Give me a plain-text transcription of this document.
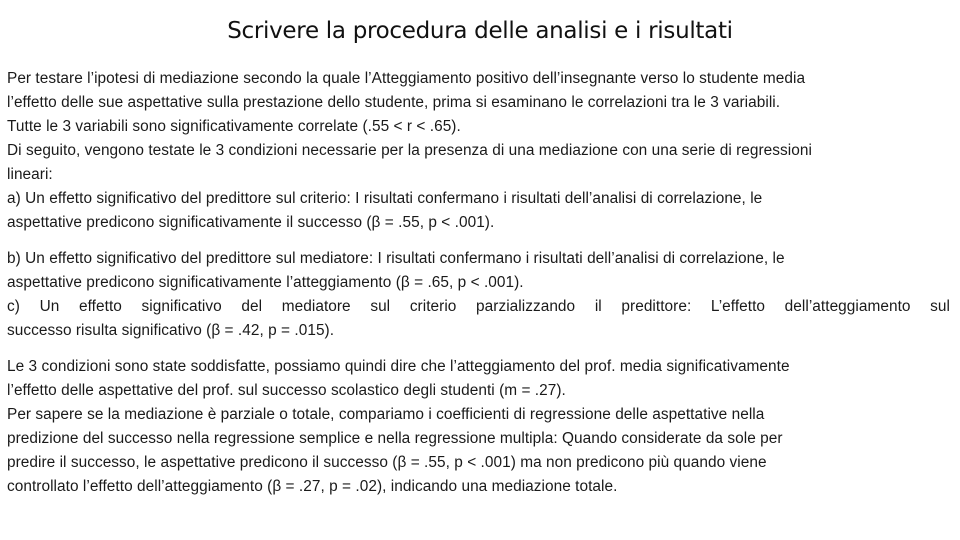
Scrivere la procedura delle analisi e i risultati
Per testare l’ipotesi di mediazione secondo la quale l’Atteggiamento positivo dell’insegnante verso lo studente media
l’effetto delle sue aspettative sulla prestazione dello studente, prima si esaminano le correlazioni tra le 3 variabili.
Tutte le 3 variabili sono significativamente correlate (.55 < r < .65).
Di seguito, vengono testate le 3 condizioni necessarie per la presenza di una mediazione con una serie di regressioni
lineari:
a) Un effetto significativo del predittore sul criterio: I risultati confermano i risultati dell’analisi di correlazione, le
aspettative predicono significativamente il successo (β = .55, p < .001).
b) Un effetto significativo del predittore sul mediatore: I risultati confermano i risultati dell’analisi di correlazione, le
aspettative predicono significativamente l’atteggiamento (β = .65, p < .001).
c) Un effetto significativo del mediatore sul criterio parzializzando il predittore: L’effetto dell’atteggiamento sul
successo risulta significativo (β = .42, p = .015).
Le 3 condizioni sono state soddisfatte, possiamo quindi dire che l’atteggiamento del prof. media significativamente
l’effetto delle aspettative del prof. sul successo scolastico degli studenti (m = .27).
Per sapere se la mediazione è parziale o totale, compariamo i coefficienti di regressione delle aspettative nella
predizione del successo nella regressione semplice e nella regressione multipla: Quando considerate da sole per
predire il successo, le aspettative predicono il successo (β = .55, p < .001) ma non predicono più quando viene
controllato l’effetto dell’atteggiamento (β = .27, p = .02), indicando una mediazione totale.
